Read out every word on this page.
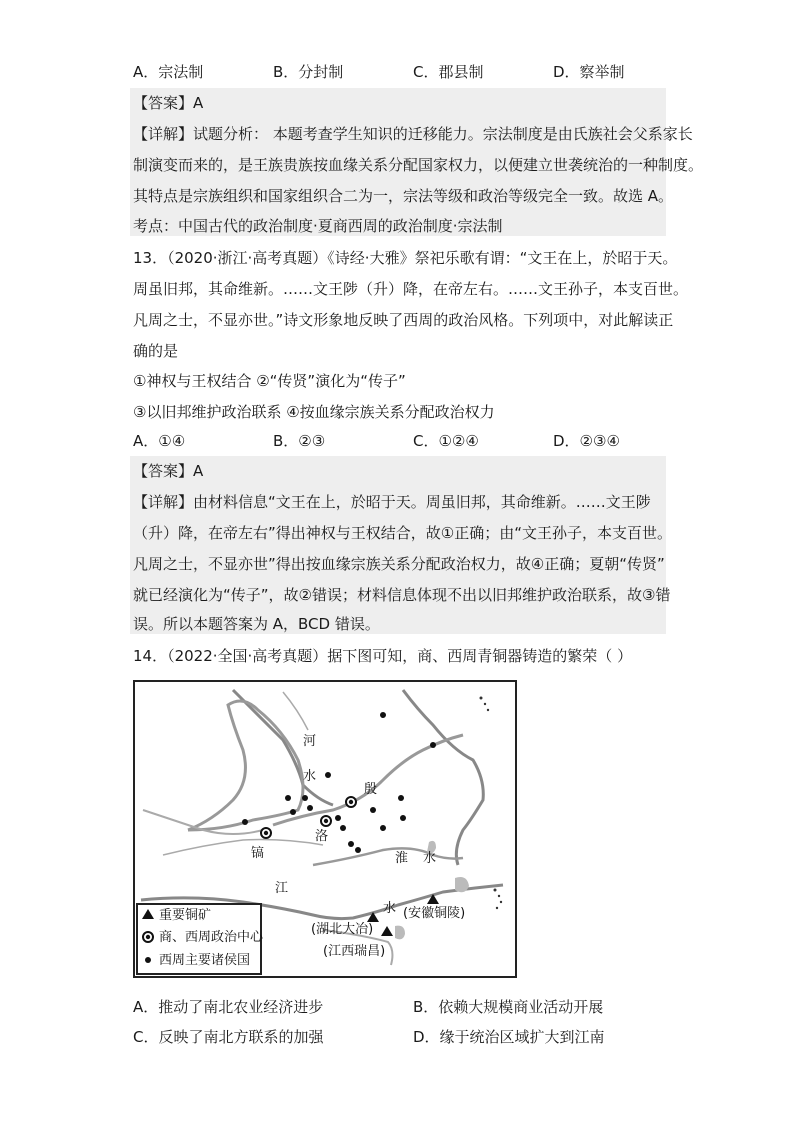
A．宗法制	B．分封制	C．郡县制	D．察举制
【答案】A
【详解】试题分析： 本题考查学生知识的迁移能力。宗法制度是由氏族社会父系家长
制演变而来的，是王族贵族按血缘关系分配国家权力，以便建立世袭统治的一种制度。
其特点是宗族组织和国家组织合二为一，宗法等级和政治等级完全一致。故选 A。
考点：中国古代的政治制度·夏商西周的政治制度·宗法制
13．（2020·浙江·高考真题）《诗经·大雅》祭祀乐歌有谓：“文王在上，於昭于天。
周虽旧邦，其命维新。……文王陟（升）降，在帝左右。……文王孙子，本支百世。
凡周之士，不显亦世。”诗文形象地反映了西周的政治风格。下列项中，对此解读正
确的是
①神权与王权结合 ②“传贤”演化为“传子”
③以旧邦维护政治联系 ④按血缘宗族关系分配政治权力
A．①④	B．②③	C．①②④	D．②③④
【答案】A
【详解】由材料信息“文王在上，於昭于天。周虽旧邦，其命维新。……文王陟
（升）降，在帝左右”得出神权与王权结合，故①正确；由“文王孙子，本支百世。
凡周之士，不显亦世”得出按血缘宗族关系分配政治权力，故④正确；夏朝“传贤”
就已经演化为“传子”，故②错误；材料信息体现不出以旧邦维护政治联系，故③错
误。所以本题答案为 A，BCD 错误。
14．（2022·全国·高考真题）据下图可知，商、西周青铜器铸造的繁荣（ ）
河
水
殷
洛
镐	淮 水
江
水
(湖北大冶)
(江西瑞昌)
(安徽铜陵)
重要铜矿
商、西周政治中心
西周主要诸侯国
A．推动了南北农业经济进步	B．依赖大规模商业活动开展
C．反映了南北方联系的加强	D．缘于统治区域扩大到江南
